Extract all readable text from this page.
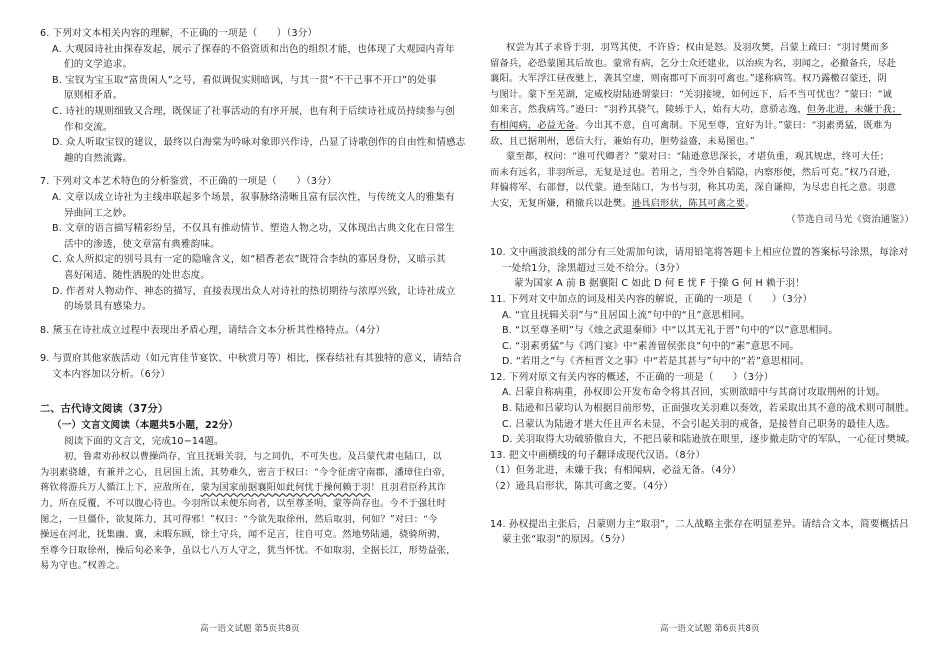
6. 下列对文本相关内容的理解，不正确的一项是（　　）（3分）
A. 大观园诗社由探春发起，展示了探春的不俗资质和出色的组织才能，也体现了大观园内青年
们的文学追求。
B. 宝钗为宝玉取“富贵闲人”之号，看似调侃实则暗讽，与其一贯“不干己事不开口”的处事
原则相矛盾。
C. 诗社的规则细致又合理，既保证了社事活动的有序开展，也有利于后续诗社成员持续参与创
作和交流。
D. 众人听取宝钗的建议，最终以白海棠为吟咏对象即兴作诗，凸显了诗歌创作的自由性和情感志
趣的自然流露。
7. 下列对文本艺术特色的分析鉴赏，不正确的一项是（　　）（3分）
A. 文章以成立诗社为主线串联起多个场景，叙事脉络清晰且富有层次性，与传统文人的雅集有
异曲同工之妙。
B. 文章的语言描写精彩纷呈，不仅具有推动情节、塑造人物之功，又体现出古典文化在日常生
活中的渗透，使文章富有典雅韵味。
C. 众人所拟定的别号具有一定的隐喻含义，如“稻香老农”既符合李纨的寡居身份，又暗示其
喜好闲适、随性洒脱的处世态度。
D. 作者对人物动作、神态的描写，直接表现出众人对诗社的热切期待与浓厚兴致，让诗社成立
的场景具有感染力。
8. 黛玉在诗社成立过程中表现出矛盾心理，请结合文本分析其性格特点。（4分）
9. 与贾府其他家族活动（如元宵佳节宴饮、中秋赏月等）相比，探春结社有其独特的意义，请结合
文本内容加以分析。（6分）
二、古代诗文阅读（37分）
（一）文言文阅读（本题共5小题，22分）
阅读下面的文言文，完成10−14题。
初，鲁肃劝孙权以曹操尚存，宜且抚辑关羽，与之同仇，不可失也。及吕蒙代肃屯陆口，以
为羽素骁雄，有兼并之心，且居国上流，其势难久，密言于权曰：“今令征虏守南郡，潘璋住白帝，
蒋钦将游兵万人循江上下，应敌所在，蒙为国家前据襄阳如此何忧于操何赖于羽！且羽君臣矜其诈
力，所在反覆，不可以腹心待也。今羽所以未便东向者，以至尊圣明，蒙等尚存也。今不于强壮时
图之，一旦僵仆，欲复陈力，其可得邪！”权曰：“今欲先取徐州，然后取羽，何如？”对曰：“今
操远在河北，抚集幽、冀，未暇东顾，徐土守兵，闻不足言，往自可克。然地势陆通，骁骑所骋，
至尊今日取徐州，操后旬必来争，虽以七八万人守之，犹当怀忧。不如取羽，全据长江，形势益张，
易为守也。”权善之。
权尝为其子求昏于羽，羽骂其使，不许昏；权由是怒。及羽攻樊，吕蒙上疏曰：“羽讨樊而多
留备兵，必恐蒙图其后故也。蒙常有病，乞分士众还建业，以治疾为名，羽闻之，必撤备兵，尽赴
襄阳。大军浮江昼夜驰上，袭其空虚，则南郡可下而羽可禽也。”遂称病笃。权乃露檄召蒙还，阴
与图计。蒙下至芜湖，定威校尉陆逊谓蒙曰：“关羽接境，如何远下，后不当可忧也？”蒙曰：“诚
如来言，然我病笃。”逊曰：“羽矜其骁气，陵轹于人，始有大功，意骄志逸，但务北进，未嫌于我；
有相闻病，必益无备。今出其不意，自可禽制。下见至尊，宜好为计。”蒙曰：“羽素勇猛，既难为
敌，且已据荆州，恩信大行，兼始有功，胆势益盛，未易图也。”
蒙至都，权问：“谁可代卿者？”蒙对曰：“陆逊意思深长，才堪负重，观其规虑，终可大任；
而未有远名，非羽所忌，无复是过也。若用之，当令外自韬隐，内察形便，然后可克。”权乃召逊，
拜偏将军、右部督，以代蒙。逊至陆口，为书与羽，称其功美，深自谦抑，为尽忠自托之意。羽意
大安，无复所嫌，稍撤兵以赴樊。逊具启形状，陈其可禽之要。
（节选自司马光《资治通鉴》）
10. 文中画波浪线的部分有三处需加句读，请用铅笔将答题卡上相应位置的答案标号涂黑，每涂对
一处给1分，涂黑超过三处不给分。（3分）
蒙为国家 A 前 B 据襄阳 C 如此 D 何 E 忧 F 于操 G 何 H 赖于羽！
11. 下列对文中加点的词及相关内容的解说，正确的一项是（　　）（3分）
A. “宜且抚辑关羽”与“且居国上流”句中的“且”意思相同。
B. “以至尊圣明”与《烛之武退秦师》中“以其无礼于晋”句中的“以”意思相同。
C. “羽素勇猛”与《鸿门宴》中“素善留侯张良”句中的“素”意思不同。
D. “若用之”与《齐桓晋文之事》中“若是其甚与”句中的“若”意思相同。
12. 下列对原文有关内容的概述，不正确的一项是（　　）（3分）
A. 吕蒙自称病重，孙权即公开发布命令将其召回，实则欲暗中与其商讨攻取荆州的计划。
B. 陆逊和吕蒙均认为根据目前形势，正面强攻关羽难以奏效，若采取出其不意的战术则可制胜。
C. 吕蒙认为陆逊才堪大任且声名未显，不会引起关羽的戒备，是接替自己职务的最佳人选。
D. 关羽取得大功破骄傲自大，不把吕蒙和陆逊放在眼里，逐步撤走防守的军队，一心征讨樊城。
13. 把文中画横线的句子翻译成现代汉语。（8分）
（1）但务北进，未嫌于我；有相闻病，必益无备。（4分）
（2）逊具启形状，陈其可禽之要。（4分）
14. 孙权提出主张后，吕蒙则力主“取羽”，二人战略主张存在明显差异。请结合文本，简要概括吕
蒙主张“取羽”的原因。（5分）
高一语文试题 第5页共8页	高一语文试题 第6页共8页
